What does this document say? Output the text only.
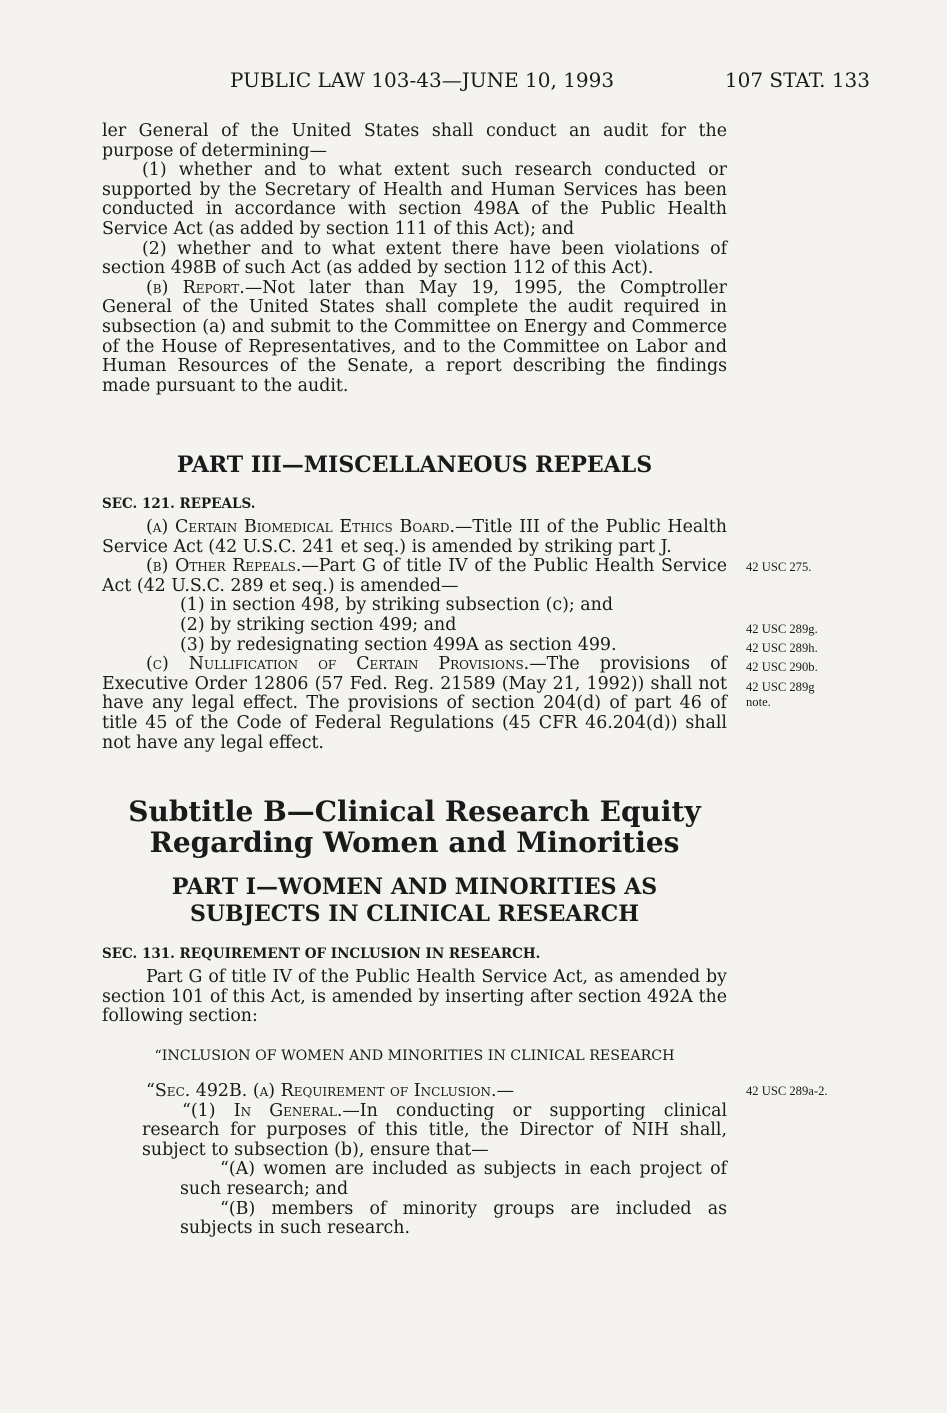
PUBLIC LAW 103-43—JUNE 10, 1993	107 STAT. 133

ler General of the United States shall conduct an audit for the purpose of determining—

(1) whether and to what extent such research conducted or supported by the Secretary of Health and Human Services has been conducted in accordance with section 498A of the Public Health Service Act (as added by section 111 of this Act); and

(2) whether and to what extent there have been violations of section 498B of such Act (as added by section 112 of this Act).

(b) Report.—Not later than May 19, 1995, the Comptroller General of the United States shall complete the audit required in subsection (a) and submit to the Committee on Energy and Commerce of the House of Representatives, and to the Committee on Labor and Human Resources of the Senate, a report describing the findings made pursuant to the audit.

PART III—MISCELLANEOUS REPEALS

SEC. 121. REPEALS.

(a) Certain Biomedical Ethics Board.—Title III of the Public Health Service Act (42 U.S.C. 241 et seq.) is amended by striking part J.

(b) Other Repeals.—Part G of title IV of the Public Health Service Act (42 U.S.C. 289 et seq.) is amended—

(1) in section 498, by striking subsection (c); and

(2) by striking section 499; and

(3) by redesignating section 499A as section 499.

(c) Nullification of Certain Provisions.—The provisions of Executive Order 12806 (57 Fed. Reg. 21589 (May 21, 1992)) shall not have any legal effect. The provisions of section 204(d) of part 46 of title 45 of the Code of Federal Regulations (45 CFR 46.204(d)) shall not have any legal effect.

Subtitle B—Clinical Research Equity

Regarding Women and Minorities

PART I—WOMEN AND MINORITIES AS

SUBJECTS IN CLINICAL RESEARCH

SEC. 131. REQUIREMENT OF INCLUSION IN RESEARCH.

Part G of title IV of the Public Health Service Act, as amended by section 101 of this Act, is amended by inserting after section 492A the following section:

“INCLUSION OF WOMEN AND MINORITIES IN CLINICAL RESEARCH

“Sec. 492B. (a) Requirement of Inclusion.—

“(1) In General.—In conducting or supporting clinical research for purposes of this title, the Director of NIH shall, subject to subsection (b), ensure that—

“(A) women are included as subjects in each project of such research; and

“(B) members of minority groups are included as subjects in such research.

42 USC 275.
42 USC 289g.
42 USC 289h.
42 USC 290b.
42 USC 289g
note.
42 USC 289a-2.
